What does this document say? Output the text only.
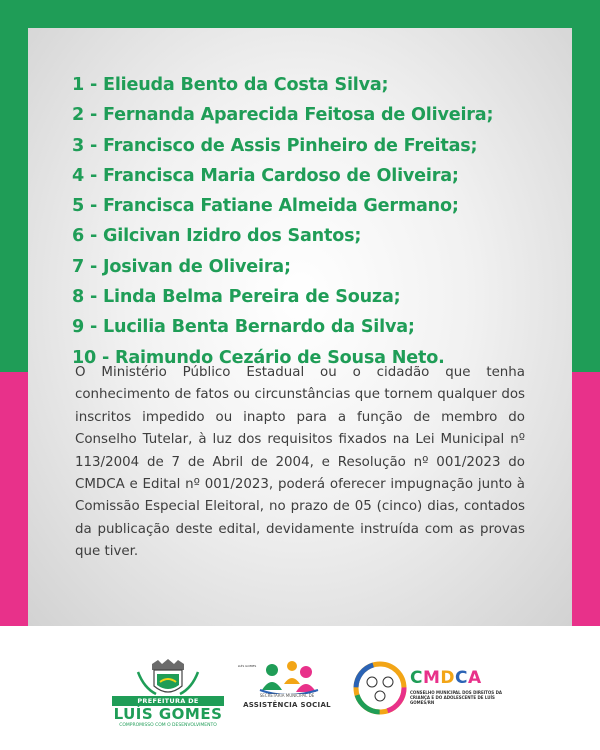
1 - Elieuda Bento da Costa Silva;
2 - Fernanda Aparecida Feitosa de Oliveira;
3 - Francisco de Assis Pinheiro de Freitas;
4 - Francisca Maria Cardoso de Oliveira;
5 - Francisca Fatiane Almeida Germano;
6 - Gilcivan Izidro dos Santos;
7 - Josivan de Oliveira;
8 - Linda Belma Pereira de Souza;
9 - Lucilia Benta Bernardo da Silva;
10 - Raimundo Cezário de Sousa Neto.

O Ministério Público Estadual ou o cidadão que tenha conhecimento de fatos ou circunstâncias que tornem qualquer dos inscritos impedido ou inapto para a função de membro do Conselho Tutelar, à luz dos requisitos fixados na Lei Municipal nº 113/2004 de 7 de Abril de 2004, e Resolução nº 001/2023 do CMDCA e Edital nº 001/2023, poderá oferecer impugnação junto à Comissão Especial Eleitoral, no prazo de 05 (cinco) dias, contados da publicação deste edital, devidamente instruída com as provas que tiver.

PREFEITURA DE
LUÍS GOMES
COMPROMISSO COM O DESENVOLVIMENTO
LUÍS GOMES
SECRETARIA MUNICIPAL DE
ASSISTÊNCIA SOCIAL
CMDCA
CONSELHO MUNICIPAL DOS DIREITOS DA CRIANÇA E DO ADOLESCENTE DE LUÍS GOMES/RN
